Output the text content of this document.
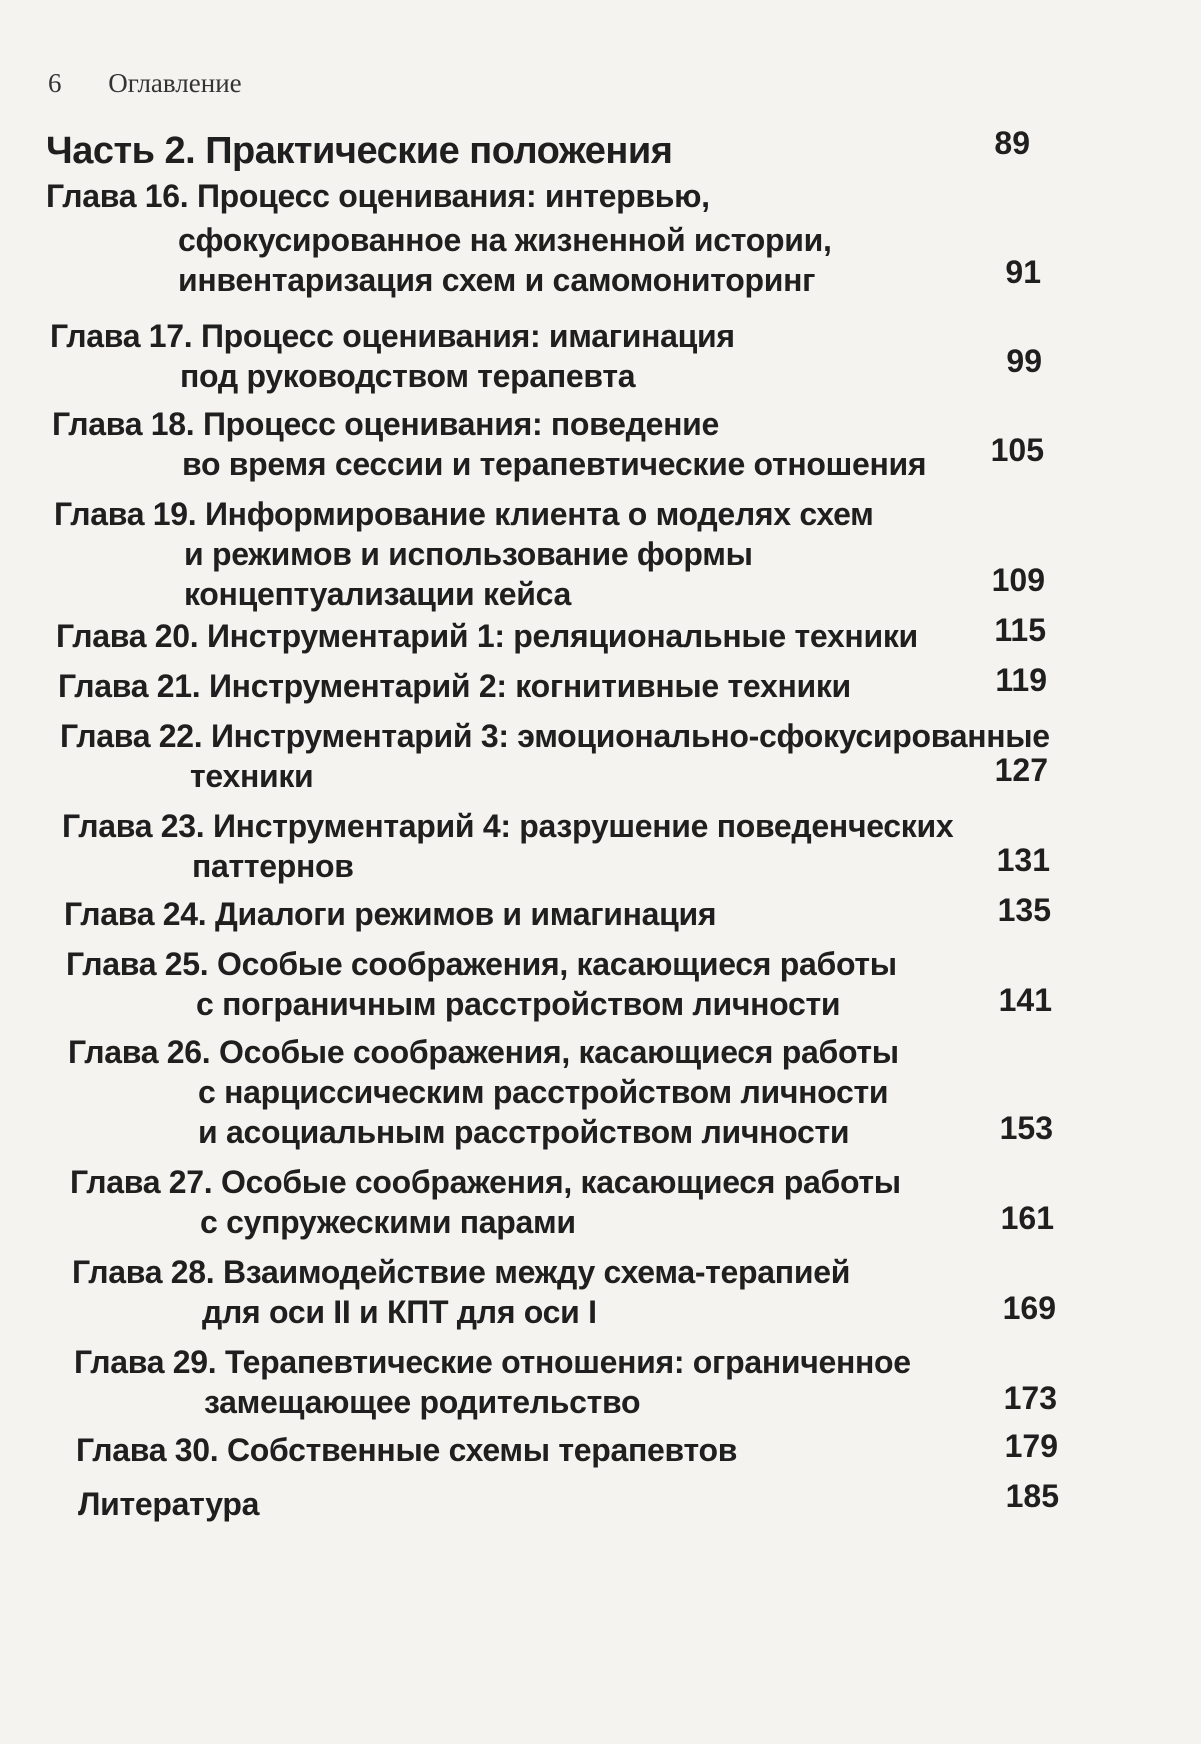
6 Оглавление
Часть 2. Практические положения	89
Глава 16. Процесс оценивания: интервью,
сфокусированное на жизненной истории,
инвентаризация схем и самомониторинг	91
Глава 17. Процесс оценивания: имагинация
под руководством терапевта	99
Глава 18. Процесс оценивания: поведение
во время сессии и терапевтические отношения	105
Глава 19. Информирование клиента о моделях схем
и режимов и использование формы
концептуализации кейса	109
Глава 20. Инструментарий 1: реляциональные техники	115
Глава 21. Инструментарий 2: когнитивные техники	119
Глава 22. Инструментарий 3: эмоционально-сфокусированные
техники	127
Глава 23. Инструментарий 4: разрушение поведенческих
паттернов	131
Глава 24. Диалоги режимов и имагинация	135
Глава 25. Особые соображения, касающиеся работы
с пограничным расстройством личности	141
Глава 26. Особые соображения, касающиеся работы
с нарциссическим расстройством личности
и асоциальным расстройством личности	153
Глава 27. Особые соображения, касающиеся работы
с супружескими парами	161
Глава 28. Взаимодействие между схема-терапией
для оси II и КПТ для оси I	169
Глава 29. Терапевтические отношения: ограниченное
замещающее родительство	173
Глава 30. Собственные схемы терапевтов	179
Литература	185
